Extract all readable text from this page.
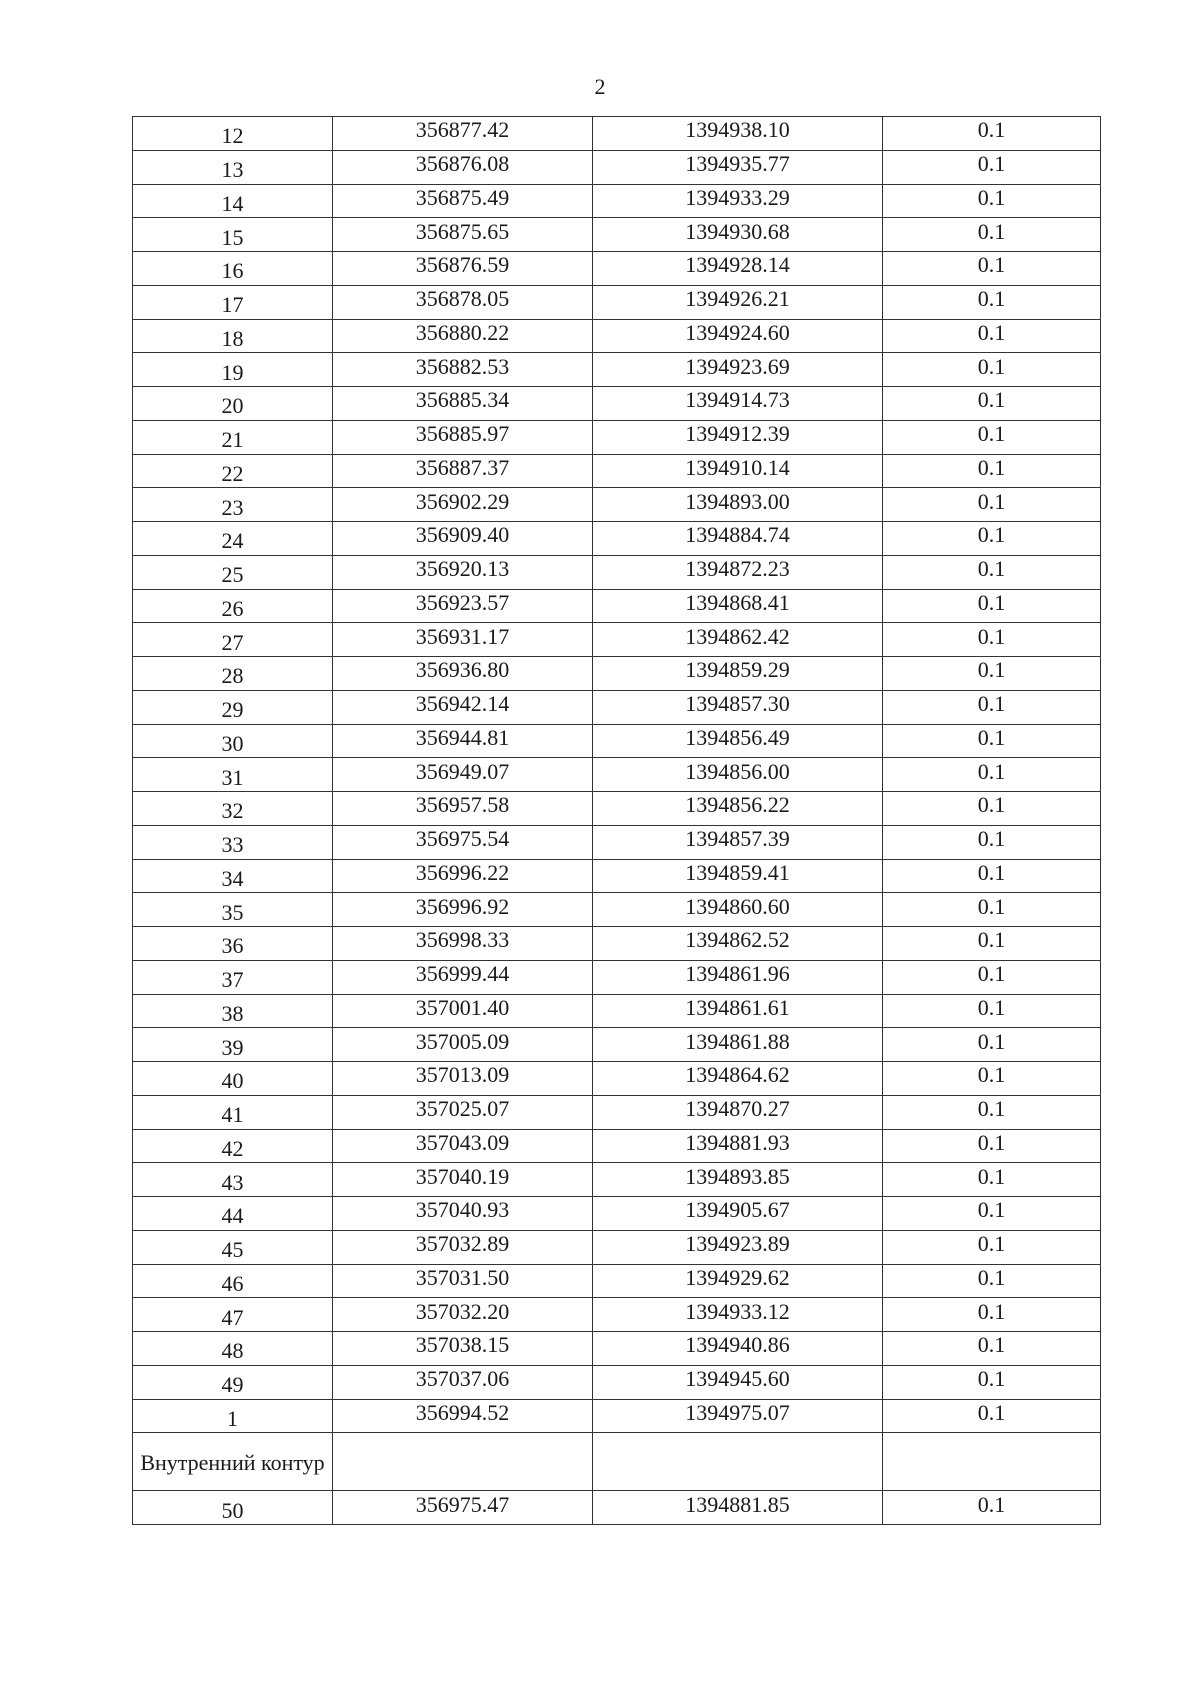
2
12	356877.42	1394938.10	0.1
13	356876.08	1394935.77	0.1
14	356875.49	1394933.29	0.1
15	356875.65	1394930.68	0.1
16	356876.59	1394928.14	0.1
17	356878.05	1394926.21	0.1
18	356880.22	1394924.60	0.1
19	356882.53	1394923.69	0.1
20	356885.34	1394914.73	0.1
21	356885.97	1394912.39	0.1
22	356887.37	1394910.14	0.1
23	356902.29	1394893.00	0.1
24	356909.40	1394884.74	0.1
25	356920.13	1394872.23	0.1
26	356923.57	1394868.41	0.1
27	356931.17	1394862.42	0.1
28	356936.80	1394859.29	0.1
29	356942.14	1394857.30	0.1
30	356944.81	1394856.49	0.1
31	356949.07	1394856.00	0.1
32	356957.58	1394856.22	0.1
33	356975.54	1394857.39	0.1
34	356996.22	1394859.41	0.1
35	356996.92	1394860.60	0.1
36	356998.33	1394862.52	0.1
37	356999.44	1394861.96	0.1
38	357001.40	1394861.61	0.1
39	357005.09	1394861.88	0.1
40	357013.09	1394864.62	0.1
41	357025.07	1394870.27	0.1
42	357043.09	1394881.93	0.1
43	357040.19	1394893.85	0.1
44	357040.93	1394905.67	0.1
45	357032.89	1394923.89	0.1
46	357031.50	1394929.62	0.1
47	357032.20	1394933.12	0.1
48	357038.15	1394940.86	0.1
49	357037.06	1394945.60	0.1
1	356994.52	1394975.07	0.1
Внутренний контур			
50	356975.47	1394881.85	0.1
